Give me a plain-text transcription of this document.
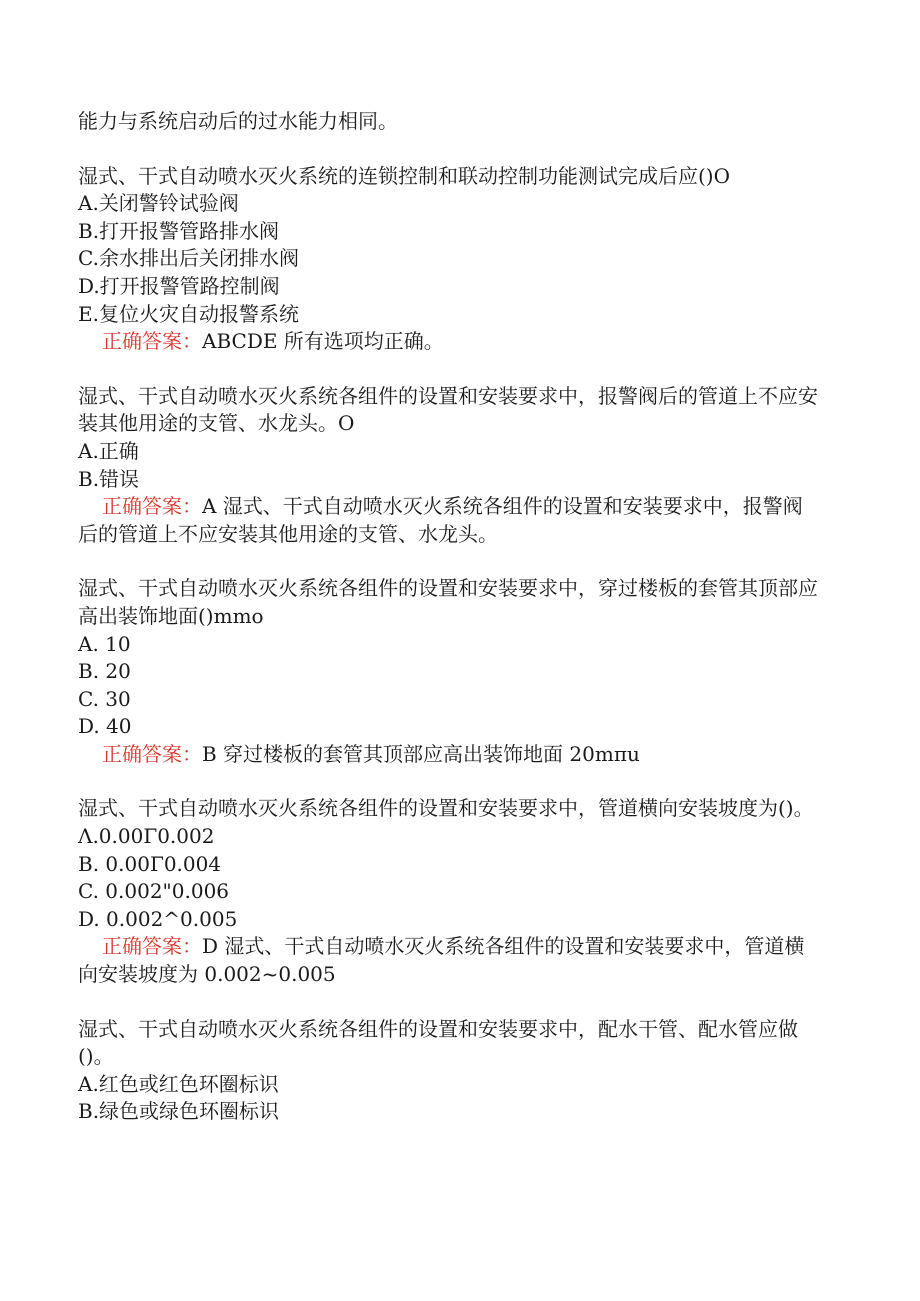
能力与系统启动后的过水能力相同。

湿式、干式自动喷水灭火系统的连锁控制和联动控制功能测试完成后应()O

A.关闭警铃试验阀
B.打开报警管路排水阀
C.余水排出后关闭排水阀
D.打开报警管路控制阀
E.复位火灾自动报警系统

正确答案：ABCDE 所有选项均正确。

湿式、干式自动喷水灭火系统各组件的设置和安装要求中，报警阀后的管道上不应安装其他用途的支管、水龙头。O

A.正确
B.错误

正确答案：A 湿式、干式自动喷水灭火系统各组件的设置和安装要求中，报警阀后的管道上不应安装其他用途的支管、水龙头。

湿式、干式自动喷水灭火系统各组件的设置和安装要求中，穿过楼板的套管其顶部应高出装饰地面()mmo

A. 10
B. 20
C. 30
D. 40

正确答案：B 穿过楼板的套管其顶部应高出装饰地面 20mπu

湿式、干式自动喷水灭火系统各组件的设置和安装要求中，管道横向安装坡度为()。

Λ.0.00Γ0.002
B. 0.00Γ0.004
C. 0.002"0.006
D. 0.002^0.005

正确答案：D 湿式、干式自动喷水灭火系统各组件的设置和安装要求中，管道横向安装坡度为 0.002~0.005

湿式、干式自动喷水灭火系统各组件的设置和安装要求中，配水干管、配水管应做()。

A.红色或红色环圈标识
B.绿色或绿色环圈标识
